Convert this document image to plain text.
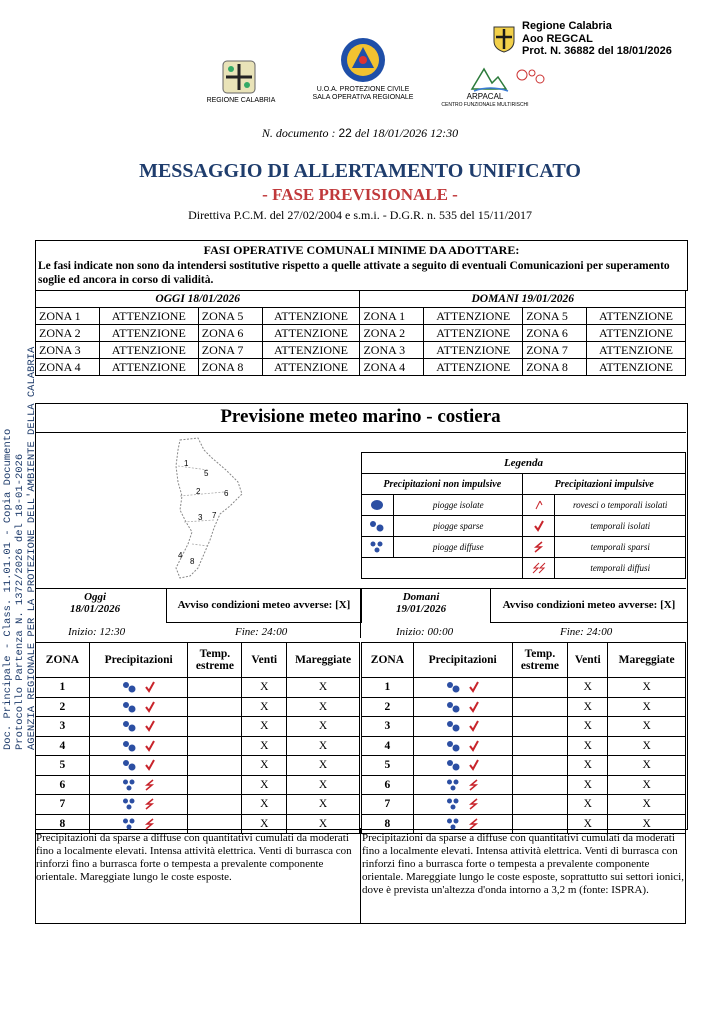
Regione Calabria
Aoo REGCAL
Prot. N. 36882 del 18/01/2026
REGIONE CALABRIA
U.O.A. PROTEZIONE CIVILE
SALA OPERATIVA REGIONALE	ARPACAL
CENTRO FUNZIONALE MULTIRISCHI
N. documento : 22 del 18/01/2026 12:30
MESSAGGIO DI ALLERTAMENTO UNIFICATO
- FASE PREVISIONALE -
Direttiva P.C.M. del 27/02/2004 e s.m.i. - D.G.R. n. 535 del 15/11/2017
Doc. Principale - Class. 11.01.01 - Copia Documento Protocollo Partenza N. 1372/2026 del 18-01-2026 AGENZIA REGIONALE PER LA PROTEZIONE DELL'AMBIENTE DELLA CALABRIA
FASI OPERATIVE COMUNALI MINIME DA ADOTTARE:
Le fasi indicate non sono da intendersi sostitutive rispetto a quelle attivate a seguito di eventuali Comunicazioni per superamento soglie ed ancora in corso di validità.
OGGI 18/01/2026				DOMANI 19/01/2026			
ZONA 1	ATTENZIONE	ZONA 5	ATTENZIONE	ZONA 1	ATTENZIONE	ZONA 5	ATTENZIONE
ZONA 2	ATTENZIONE	ZONA 6	ATTENZIONE	ZONA 2	ATTENZIONE	ZONA 6	ATTENZIONE
ZONA 3	ATTENZIONE	ZONA 7	ATTENZIONE	ZONA 3	ATTENZIONE	ZONA 7	ATTENZIONE
ZONA 4	ATTENZIONE	ZONA 8	ATTENZIONE	ZONA 4	ATTENZIONE	ZONA 8	ATTENZIONE
Previsione meteo marino - costiera
1
2
3
4
5
6
7
8
Legenda			
Precipitazioni non impulsive		Precipitazioni impulsive	

	piogge isolate		rovesci o temporali isolati

	piogge sparse		temporali isolati

	piogge diffuse		temporali sparsi

	temporali diffusi
Oggi
18/01/2026	Avviso condizioni meteo avverse: [X]
Inizio: 12:30	Fine: 24:00
Domani
19/01/2026	Avviso condizioni meteo avverse: [X]
Inizio: 00:00	Fine: 24:00
ZONA	Precipitazioni	Temp.
estreme	Venti	Mareggiate
1			X	X
2			X	X
3			X	X
4			X	X
5			X	X
6			X	X
7			X	X
8			X	X
ZONA	Precipitazioni	Temp.
estreme	Venti	Mareggiate
1			X	X
2			X	X
3			X	X
4			X	X
5			X	X
6			X	X
7			X	X
8			X	X
Precipitazioni da sparse a diffuse con quantitativi cumulati da moderati fino a localmente elevati. Intensa attività elettrica. Venti di burrasca con rinforzi fino a burrasca forte o tempesta a prevalente componente orientale. Mareggiate lungo le coste esposte.
Precipitazioni da sparse a diffuse con quantitativi cumulati da moderati fino a localmente elevati. Intensa attività elettrica. Venti di burrasca con rinforzi fino a burrasca forte o tempesta a prevalente componente orientale. Mareggiate lungo le coste esposte, soprattutto sui settori ionici, dove è prevista un'altezza d'onda intorno a 3,2 m (fonte: ISPRA).
